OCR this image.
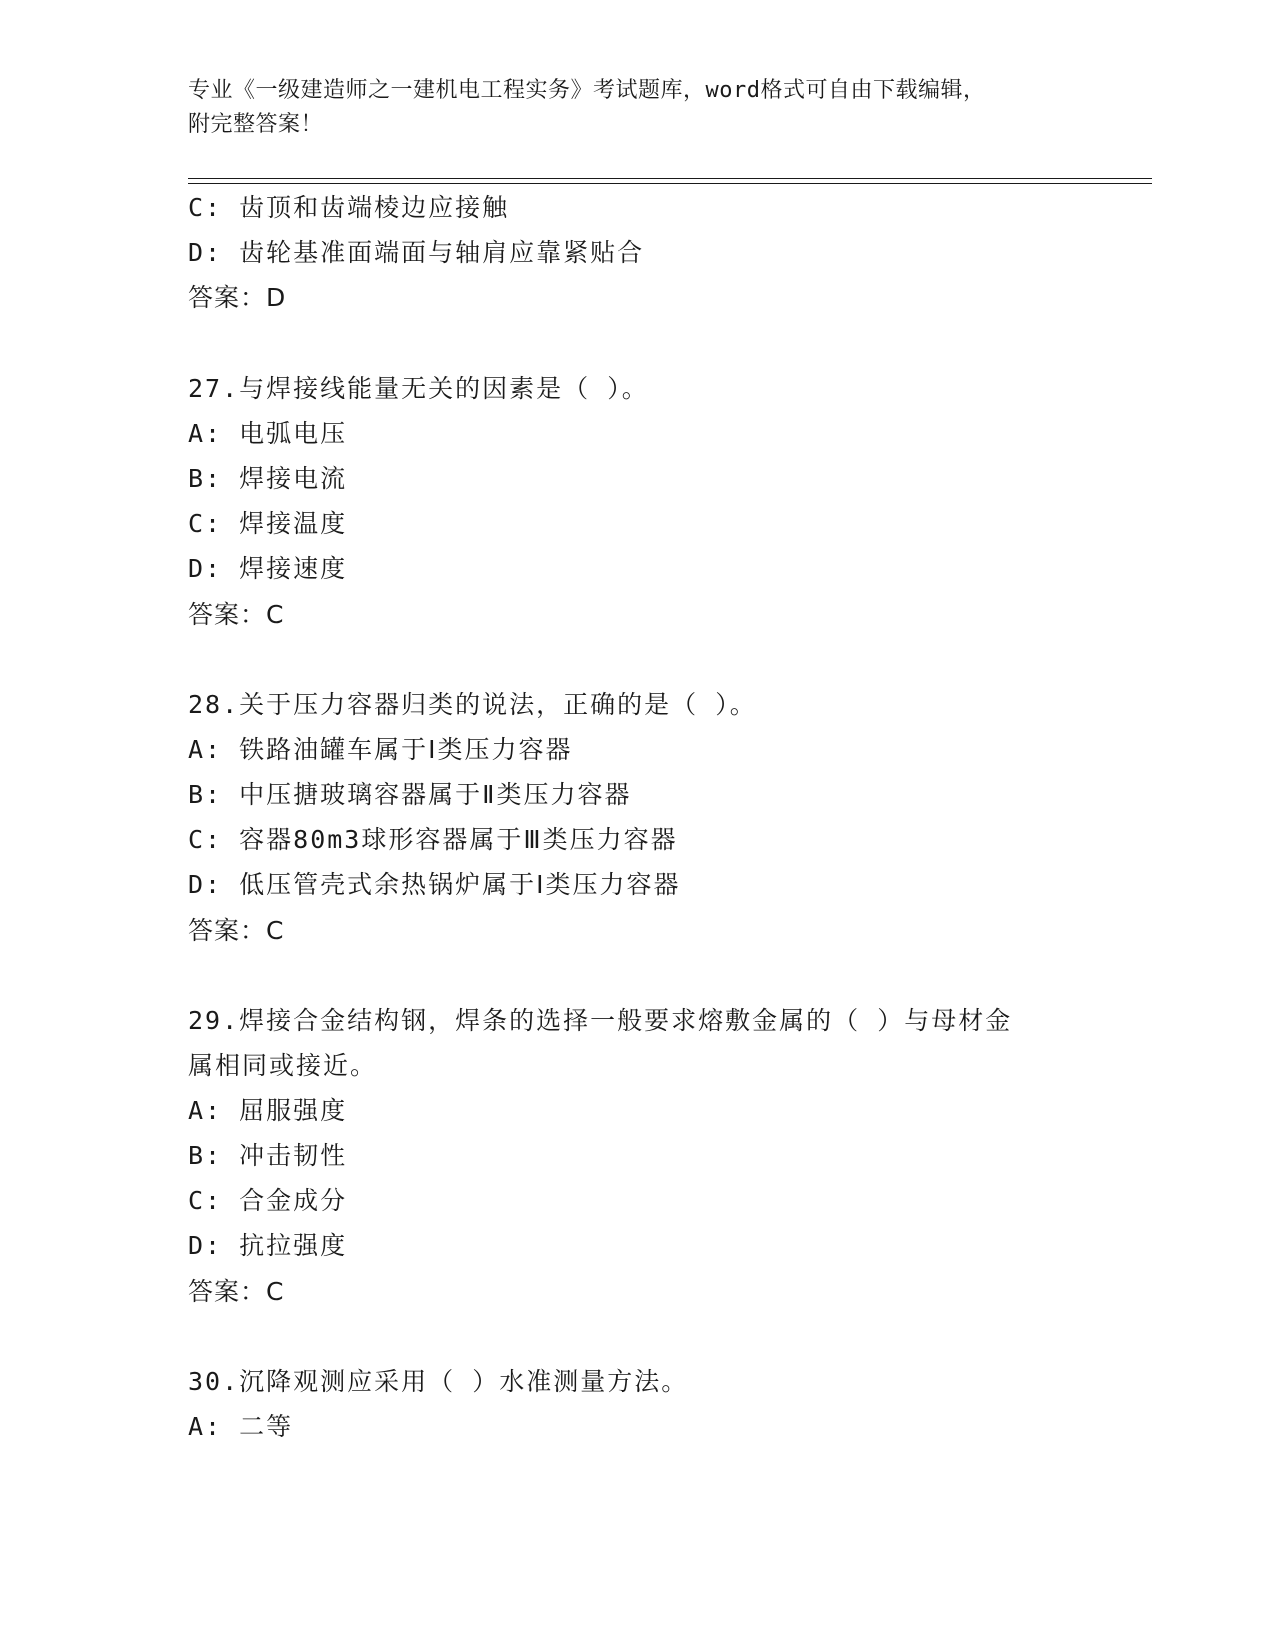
专业《一级建造师之一建机电工程实务》考试题库，word格式可自由下载编辑，
附完整答案！
C: 齿顶和齿端棱边应接触
D: 齿轮基准面端面与轴肩应靠紧贴合
答案：D
27.与焊接线能量无关的因素是（ ）。
A: 电弧电压
B: 焊接电流
C: 焊接温度
D: 焊接速度
答案：C
28.关于压力容器归类的说法，正确的是（ ）。
A: 铁路油罐车属于Ⅰ类压力容器
B: 中压搪玻璃容器属于Ⅱ类压力容器
C: 容器80m3球形容器属于Ⅲ类压力容器
D: 低压管壳式余热锅炉属于Ⅰ类压力容器
答案：C
29.焊接合金结构钢，焊条的选择一般要求熔敷金属的（ ）与母材金
属相同或接近。
A: 屈服强度
B: 冲击韧性
C: 合金成分
D: 抗拉强度
答案：C
30.沉降观测应采用（ ）水准测量方法。
A: 二等
